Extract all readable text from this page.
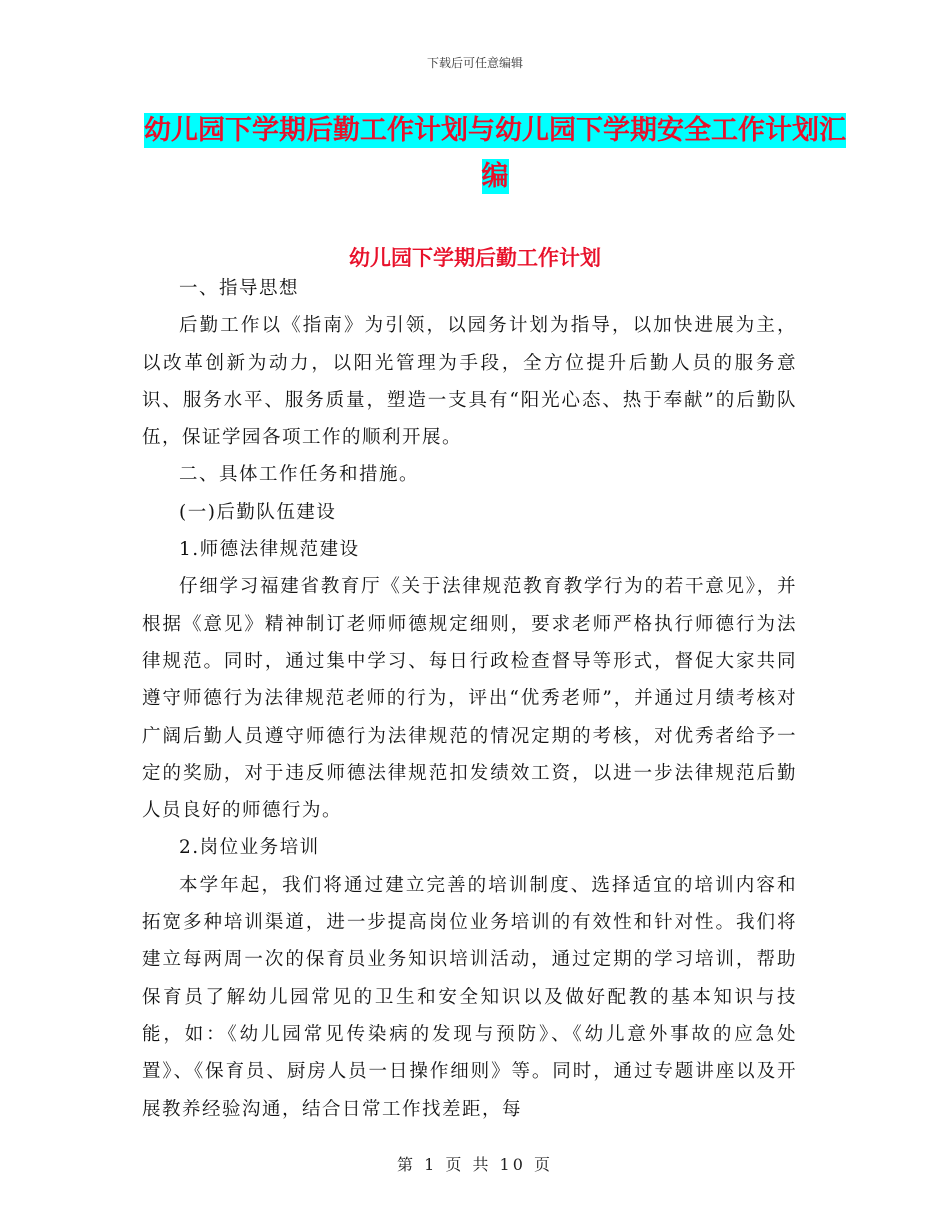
下载后可任意编辑
幼儿园下学期后勤工作计划与幼儿园下学期安全工作计划汇编
幼儿园下学期后勤工作计划

一、指导思想

后勤工作以《指南》为引领，以园务计划为指导，以加快进展为主，以改革创新为动力，以阳光管理为手段，全方位提升后勤人员的服务意识、服务水平、服务质量，塑造一支具有“阳光心态、热于奉献”的后勤队伍，保证学园各项工作的顺利开展。

二、具体工作任务和措施。

(一)后勤队伍建设

1.师德法律规范建设

仔细学习福建省教育厅《关于法律规范教育教学行为的若干意见》，并根据《意见》精神制订老师师德规定细则，要求老师严格执行师德行为法律规范。同时，通过集中学习、每日行政检查督导等形式，督促大家共同遵守师德行为法律规范老师的行为，评出“优秀老师”，并通过月绩考核对广阔后勤人员遵守师德行为法律规范的情况定期的考核，对优秀者给予一定的奖励，对于违反师德法律规范扣发绩效工资，以进一步法律规范后勤人员良好的师德行为。

2.岗位业务培训

本学年起，我们将通过建立完善的培训制度、选择适宜的培训内容和拓宽多种培训渠道，进一步提高岗位业务培训的有效性和针对性。我们将建立每两周一次的保育员业务知识培训活动，通过定期的学习培训，帮助保育员了解幼儿园常见的卫生和安全知识以及做好配教的基本知识与技能，如：《幼儿园常见传染病的发现与预防》、《幼儿意外事故的应急处置》、《保育员、厨房人员一日操作细则》等。同时，通过专题讲座以及开展教养经验沟通，结合日常工作找差距，每

第 1 页 共 10 页
